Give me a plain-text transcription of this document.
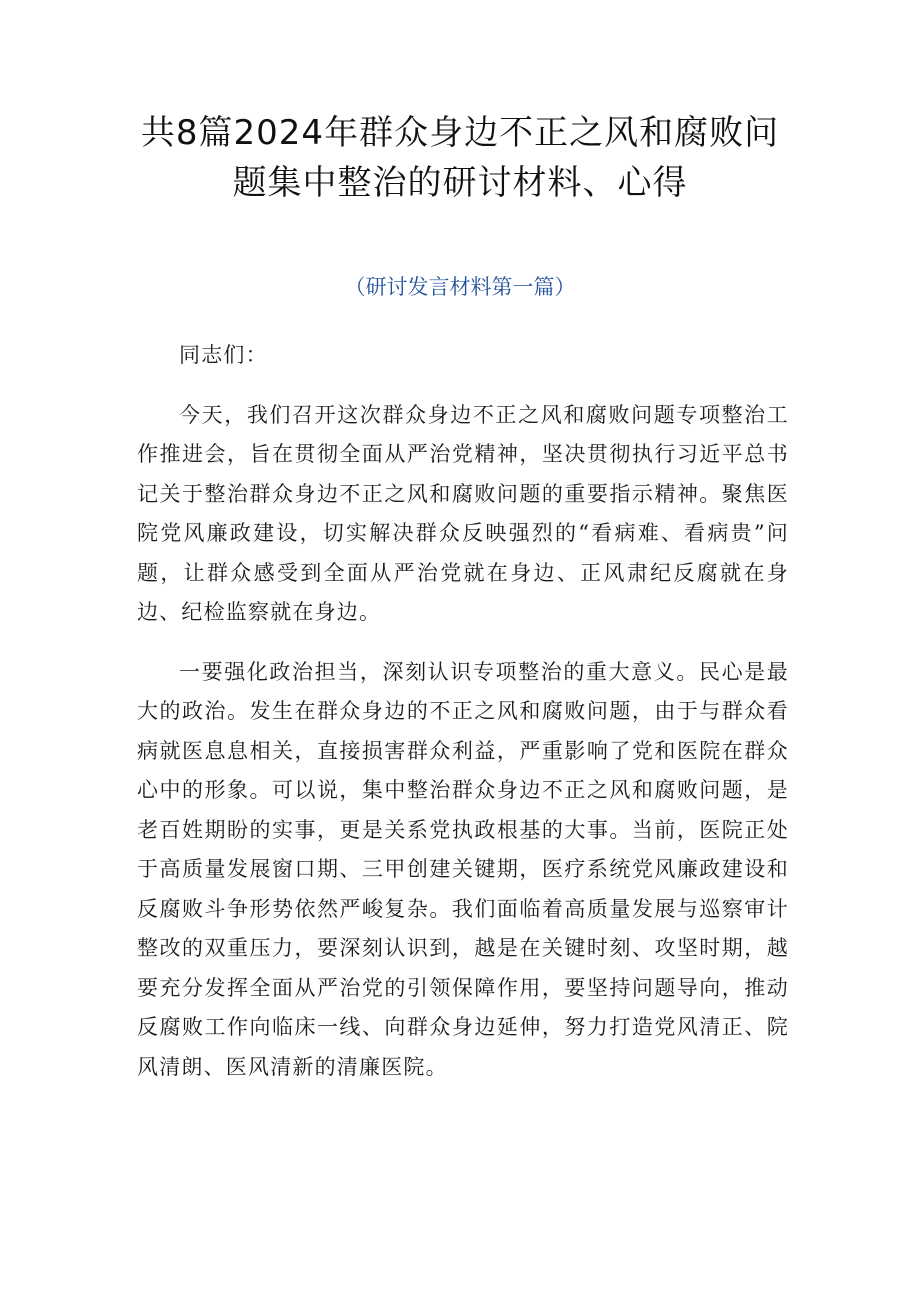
共8篇2024年群众身边不正之风和腐败问
题集中整治的研讨材料、心得

（研讨发言材料第一篇）

同志们：

今天，我们召开这次群众身边不正之风和腐败问题专项整治工作推进会，旨在贯彻全面从严治党精神，坚决贯彻执行习近平总书记关于整治群众身边不正之风和腐败问题的重要指示精神。聚焦医院党风廉政建设，切实解决群众反映强烈的“看病难、看病贵”问题，让群众感受到全面从严治党就在身边、正风肃纪反腐就在身边、纪检监察就在身边。

一要强化政治担当，深刻认识专项整治的重大意义。民心是最大的政治。发生在群众身边的不正之风和腐败问题，由于与群众看病就医息息相关，直接损害群众利益，严重影响了党和医院在群众心中的形象。可以说，集中整治群众身边不正之风和腐败问题，是老百姓期盼的实事，更是关系党执政根基的大事。当前，医院正处于高质量发展窗口期、三甲创建关键期，医疗系统党风廉政建设和反腐败斗争形势依然严峻复杂。我们面临着高质量发展与巡察审计整改的双重压力，要深刻认识到，越是在关键时刻、攻坚时期，越要充分发挥全面从严治党的引领保障作用，要坚持问题导向，推动反腐败工作向临床一线、向群众身边延伸，努力打造党风清正、院风清朗、医风清新的清廉医院。
